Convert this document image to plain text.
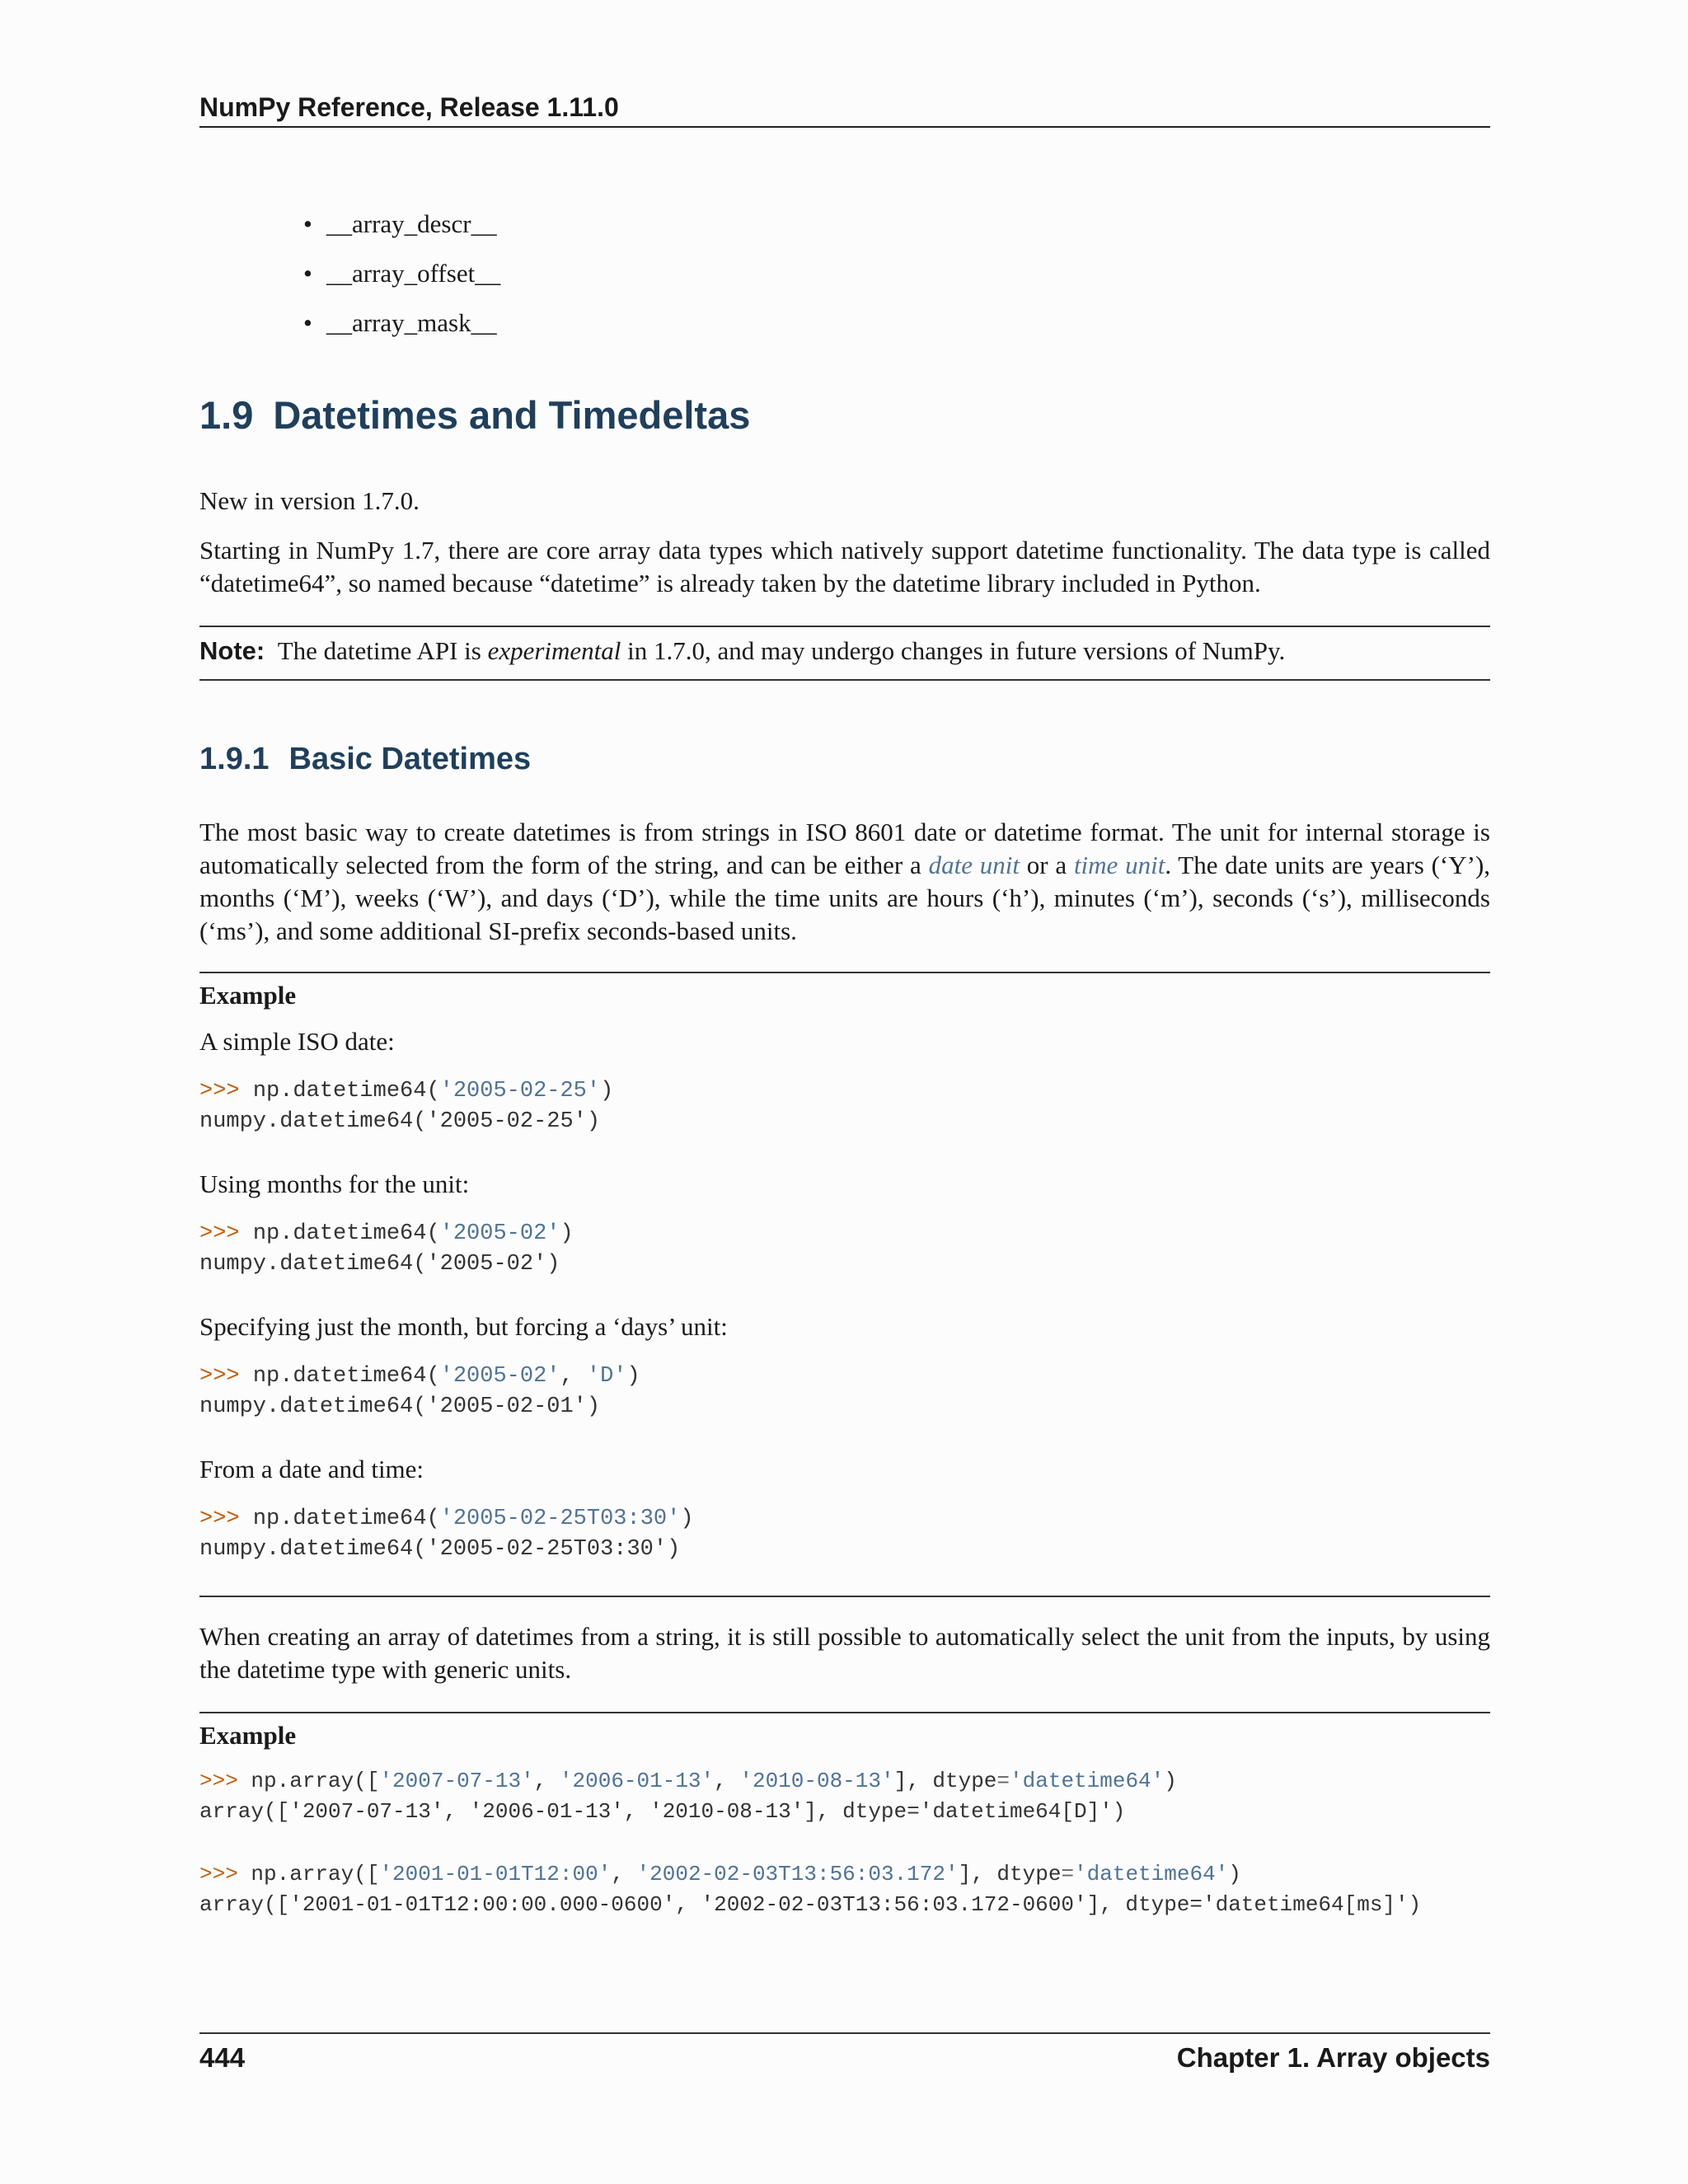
NumPy Reference, Release 1.11.0
• __array_descr__
• __array_offset__
• __array_mask__
1.9 Datetimes and Timedeltas

New in version 1.7.0.

Starting in NumPy 1.7, there are core array data types which natively support datetime functionality. The data type is called “datetime64”, so named because “datetime” is already taken by the datetime library included in Python.

Note: The datetime API is experimental in 1.7.0, and may undergo changes in future versions of NumPy.

1.9.1 Basic Datetimes

The most basic way to create datetimes is from strings in ISO 8601 date or datetime format. The unit for internal storage is automatically selected from the form of the string, and can be either a date unit or a time unit. The date units are years (‘Y’), months (‘M’), weeks (‘W’), and days (‘D’), while the time units are hours (‘h’), minutes (‘m’), seconds (‘s’), milliseconds (‘ms’), and some additional SI-prefix seconds-based units.

Example

A simple ISO date:

>>> np.datetime64('2005-02-25')
numpy.datetime64('2005-02-25')

Using months for the unit:

>>> np.datetime64('2005-02')
numpy.datetime64('2005-02')

Specifying just the month, but forcing a ‘days’ unit:

>>> np.datetime64('2005-02', 'D')
numpy.datetime64('2005-02-01')

From a date and time:

>>> np.datetime64('2005-02-25T03:30')
numpy.datetime64('2005-02-25T03:30')

When creating an array of datetimes from a string, it is still possible to automatically select the unit from the inputs, by using the datetime type with generic units.

Example
>>> np.array(['2007-07-13', '2006-01-13', '2010-08-13'], dtype='datetime64')
array(['2007-07-13', '2006-01-13', '2010-08-13'], dtype='datetime64[D]')
>>> np.array(['2001-01-01T12:00', '2002-02-03T13:56:03.172'], dtype='datetime64')
array(['2001-01-01T12:00:00.000-0600', '2002-02-03T13:56:03.172-0600'], dtype='datetime64[ms]')
444	Chapter 1. Array objects
